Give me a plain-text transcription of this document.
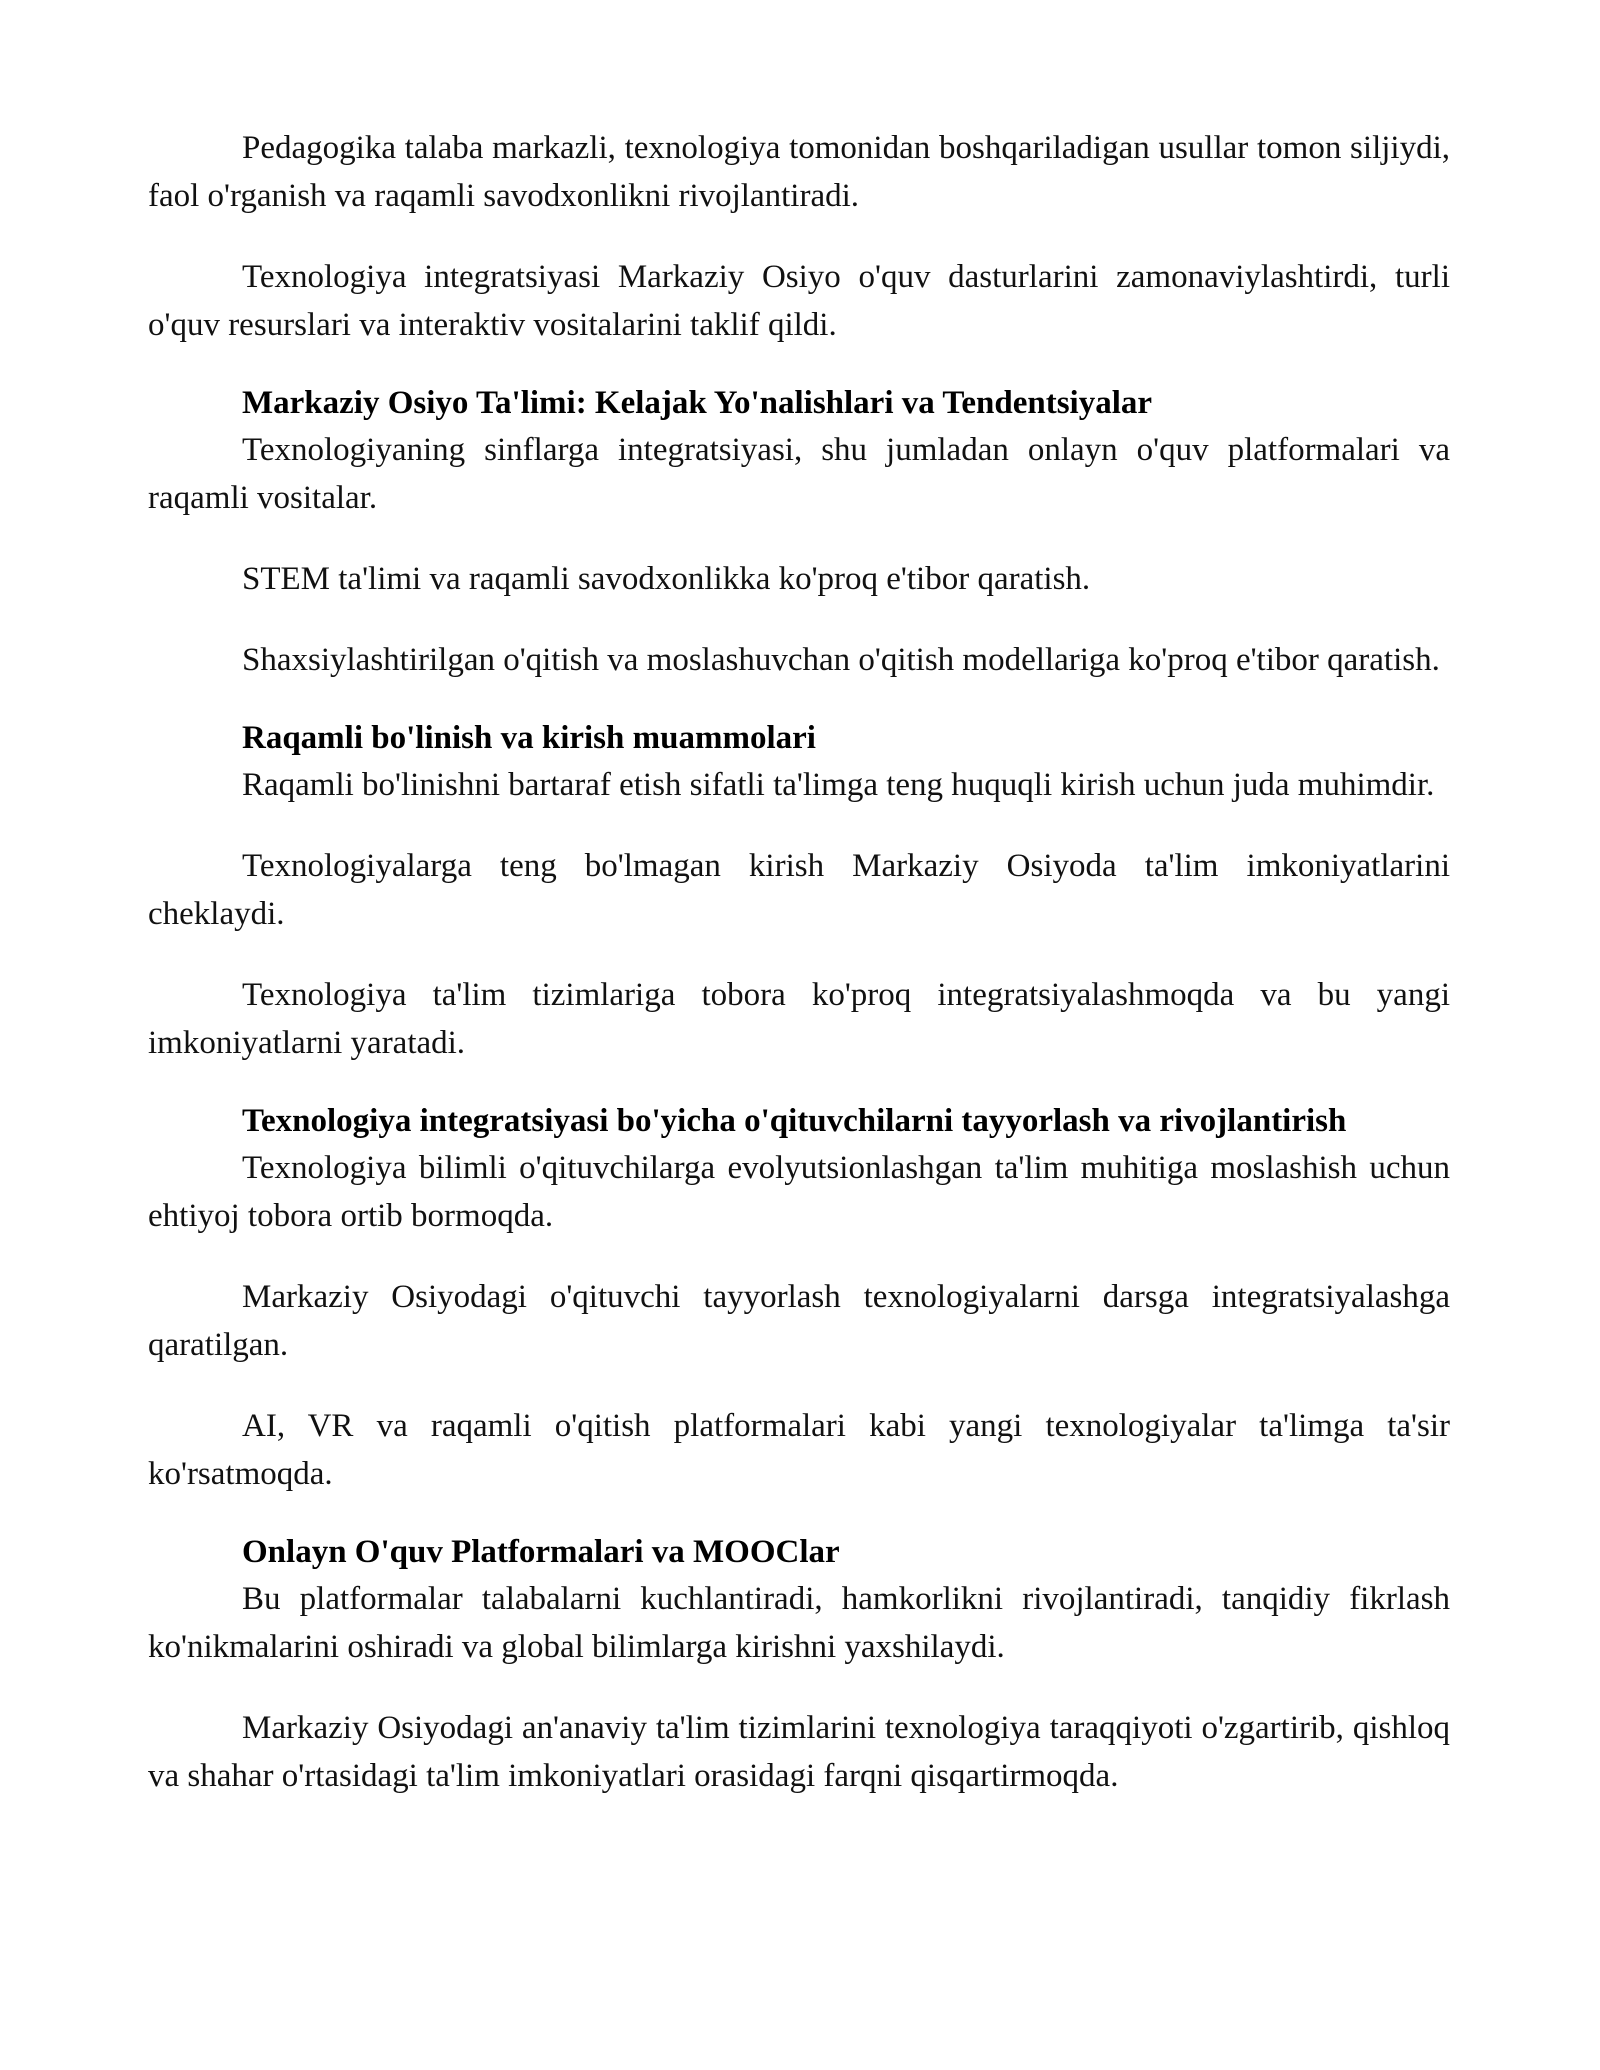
Pedagogika talaba markazli, texnologiya tomonidan boshqariladigan usullar tomon siljiydi, faol o'rganish va raqamli savodxonlikni rivojlantiradi.

Texnologiya integratsiyasi Markaziy Osiyo o'quv dasturlarini zamonaviylashtirdi, turli o'quv resurslari va interaktiv vositalarini taklif qildi.

Markaziy Osiyo Ta'limi: Kelajak Yo'nalishlari va Tendentsiyalar

Texnologiyaning sinflarga integratsiyasi, shu jumladan onlayn o'quv platformalari va raqamli vositalar.

STEM ta'limi va raqamli savodxonlikka ko'proq e'tibor qaratish.

Shaxsiylashtirilgan o'qitish va moslashuvchan o'qitish modellariga ko'proq e'tibor qaratish.

Raqamli bo'linish va kirish muammolari

Raqamli bo'linishni bartaraf etish sifatli ta'limga teng huquqli kirish uchun juda muhimdir.

Texnologiyalarga teng bo'lmagan kirish Markaziy Osiyoda ta'lim imkoniyatlarini cheklaydi.

Texnologiya ta'lim tizimlariga tobora ko'proq integratsiyalashmoqda va bu yangi imkoniyatlarni yaratadi.

Texnologiya integratsiyasi bo'yicha o'qituvchilarni tayyorlash va rivojlantirish

Texnologiya bilimli o'qituvchilarga evolyutsionlashgan ta'lim muhitiga moslashish uchun ehtiyoj tobora ortib bormoqda.

Markaziy Osiyodagi o'qituvchi tayyorlash texnologiyalarni darsga integratsiyalashga qaratilgan.

AI, VR va raqamli o'qitish platformalari kabi yangi texnologiyalar ta'limga ta'sir ko'rsatmoqda.

Onlayn O'quv Platformalari va MOOClar

Bu platformalar talabalarni kuchlantiradi, hamkorlikni rivojlantiradi, tanqidiy fikrlash ko'nikmalarini oshiradi va global bilimlarga kirishni yaxshilaydi.

Markaziy Osiyodagi an'anaviy ta'lim tizimlarini texnologiya taraqqiyoti o'zgartirib, qishloq va shahar o'rtasidagi ta'lim imkoniyatlari orasidagi farqni qisqartirmoqda.
